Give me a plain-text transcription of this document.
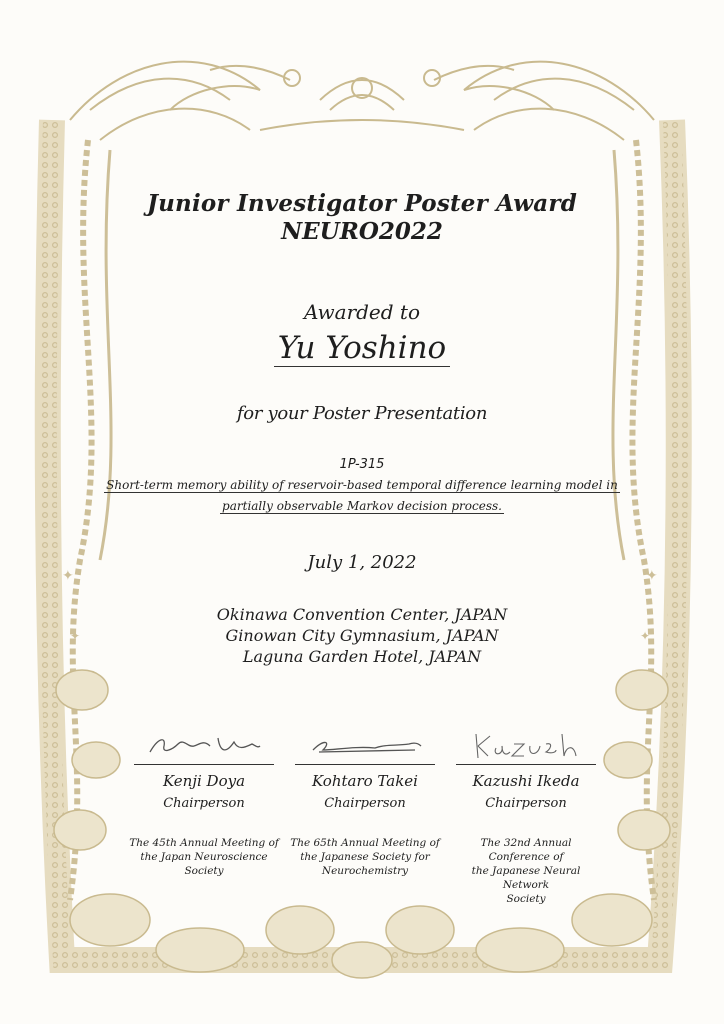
✦
✦
✦
✦
Junior Investigator Poster Award
NEURO2022
Awarded to
Yu Yoshino
for your Poster Presentation
1P-315
Short-term memory ability of reservoir-based temporal difference learning model in
partially observable Markov decision process.
July 1, 2022
Okinawa Convention Center, JAPAN
Ginowan City Gymnasium, JAPAN
Laguna Garden Hotel, JAPAN
Kenji Doya
Chairperson
The 45th Annual Meeting of
the Japan Neuroscience Society
Kohtaro Takei
Chairperson
The 65th Annual Meeting of
the Japanese Society for
Neurochemistry
Kazushi Ikeda
Chairperson
The 32nd Annual Conference of
the Japanese Neural Network
Society
